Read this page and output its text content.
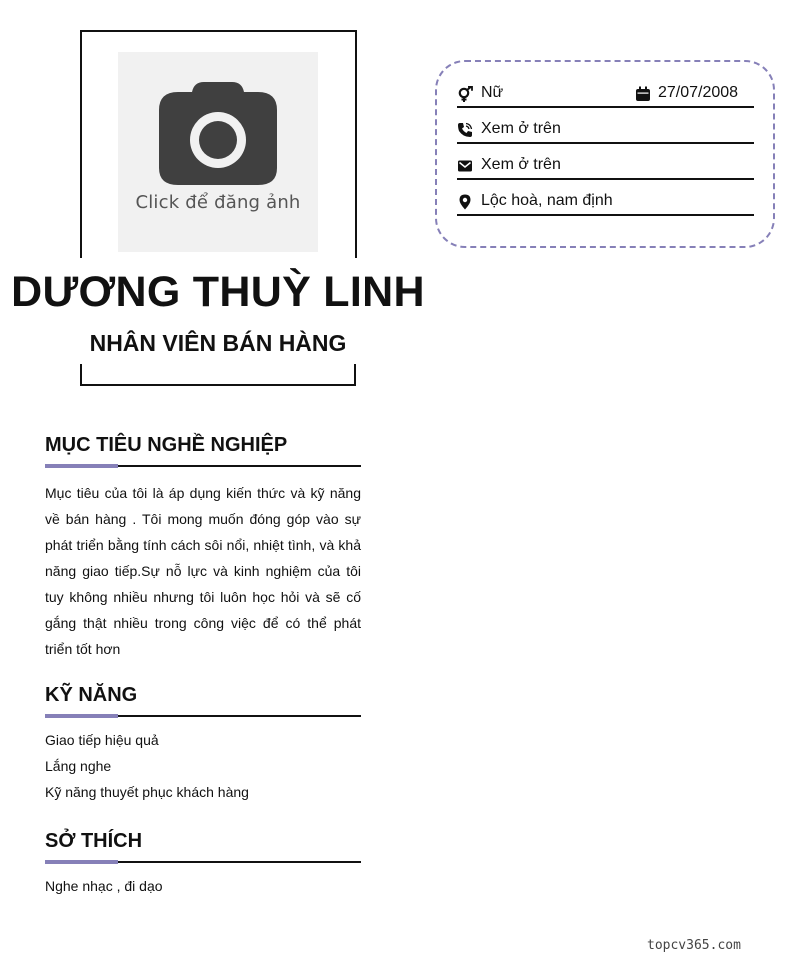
Click để đăng ảnh
DƯƠNG THUỲ LINH
NHÂN VIÊN BÁN HÀNG
Nữ	27/07/2008
Xem ở trên
Xem ở trên
Lộc hoà, nam định
MỤC TIÊU NGHỀ NGHIỆP
Mục tiêu của tôi là áp dụng kiến thức và kỹ năng về bán hàng . Tôi mong muốn đóng góp vào sự phát triển bằng tính cách sôi nổi, nhiệt tình, và khả năng giao tiếp.Sự nỗ lực và kinh nghiệm của tôi tuy không nhiều nhưng tôi luôn học hỏi và sẽ cố gắng thật nhiều trong công việc để có thể phát triển tốt hơn
KỸ NĂNG
Giao tiếp hiệu quả
Lắng nghe
Kỹ năng thuyết phục khách hàng
SỞ THÍCH
Nghe nhạc , đi dạo
topcv365.com
